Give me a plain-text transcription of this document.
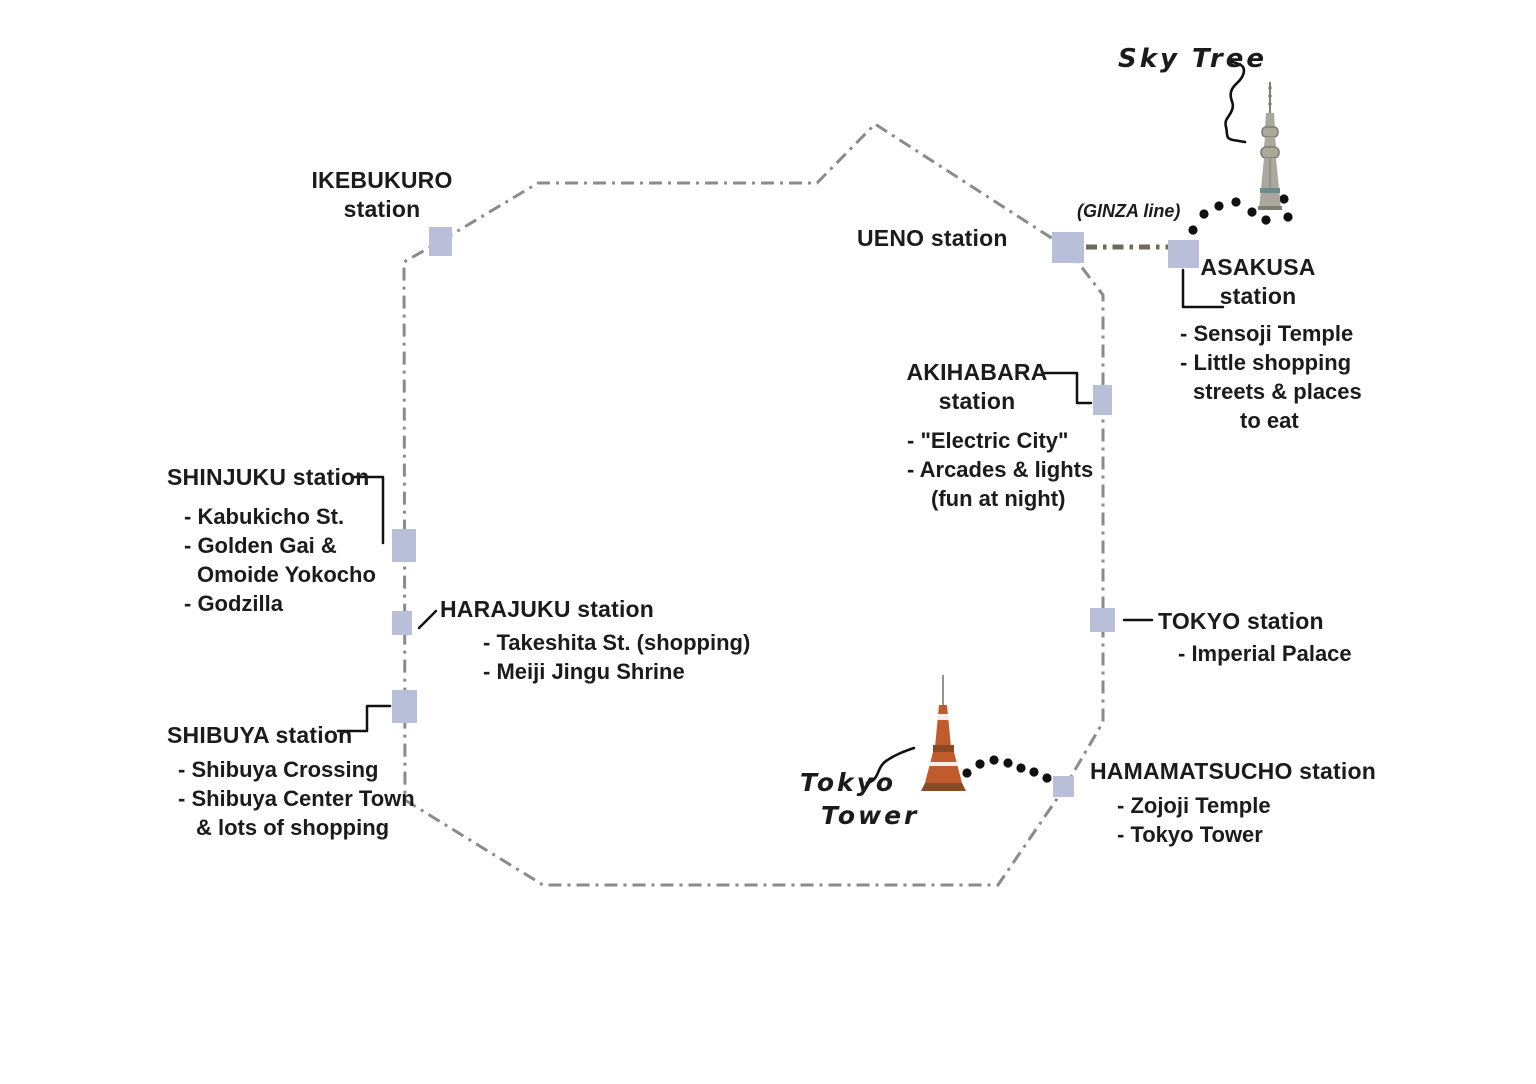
IKEBUKURO
station
UENO station
(GINZA line)
ASAKUSA
station
- Sensoji Temple
- Little shopping
streets & places
to eat
AKIHABARA
station
- "Electric City"
- Arcades & lights
(fun at night)
TOKYO station
- Imperial Palace
HAMAMATSUCHO station
- Zojoji Temple
- Tokyo Tower
SHINJUKU station
- Kabukicho St.
- Golden Gai &
Omoide Yokocho
- Godzilla	HARAJUKU station
- Takeshita St. (shopping)
- Meiji Jingu Shrine
SHIBUYA station
- Shibuya Crossing
- Shibuya Center Town
& lots of shopping
Sky Tree
Tokyo
Tower
